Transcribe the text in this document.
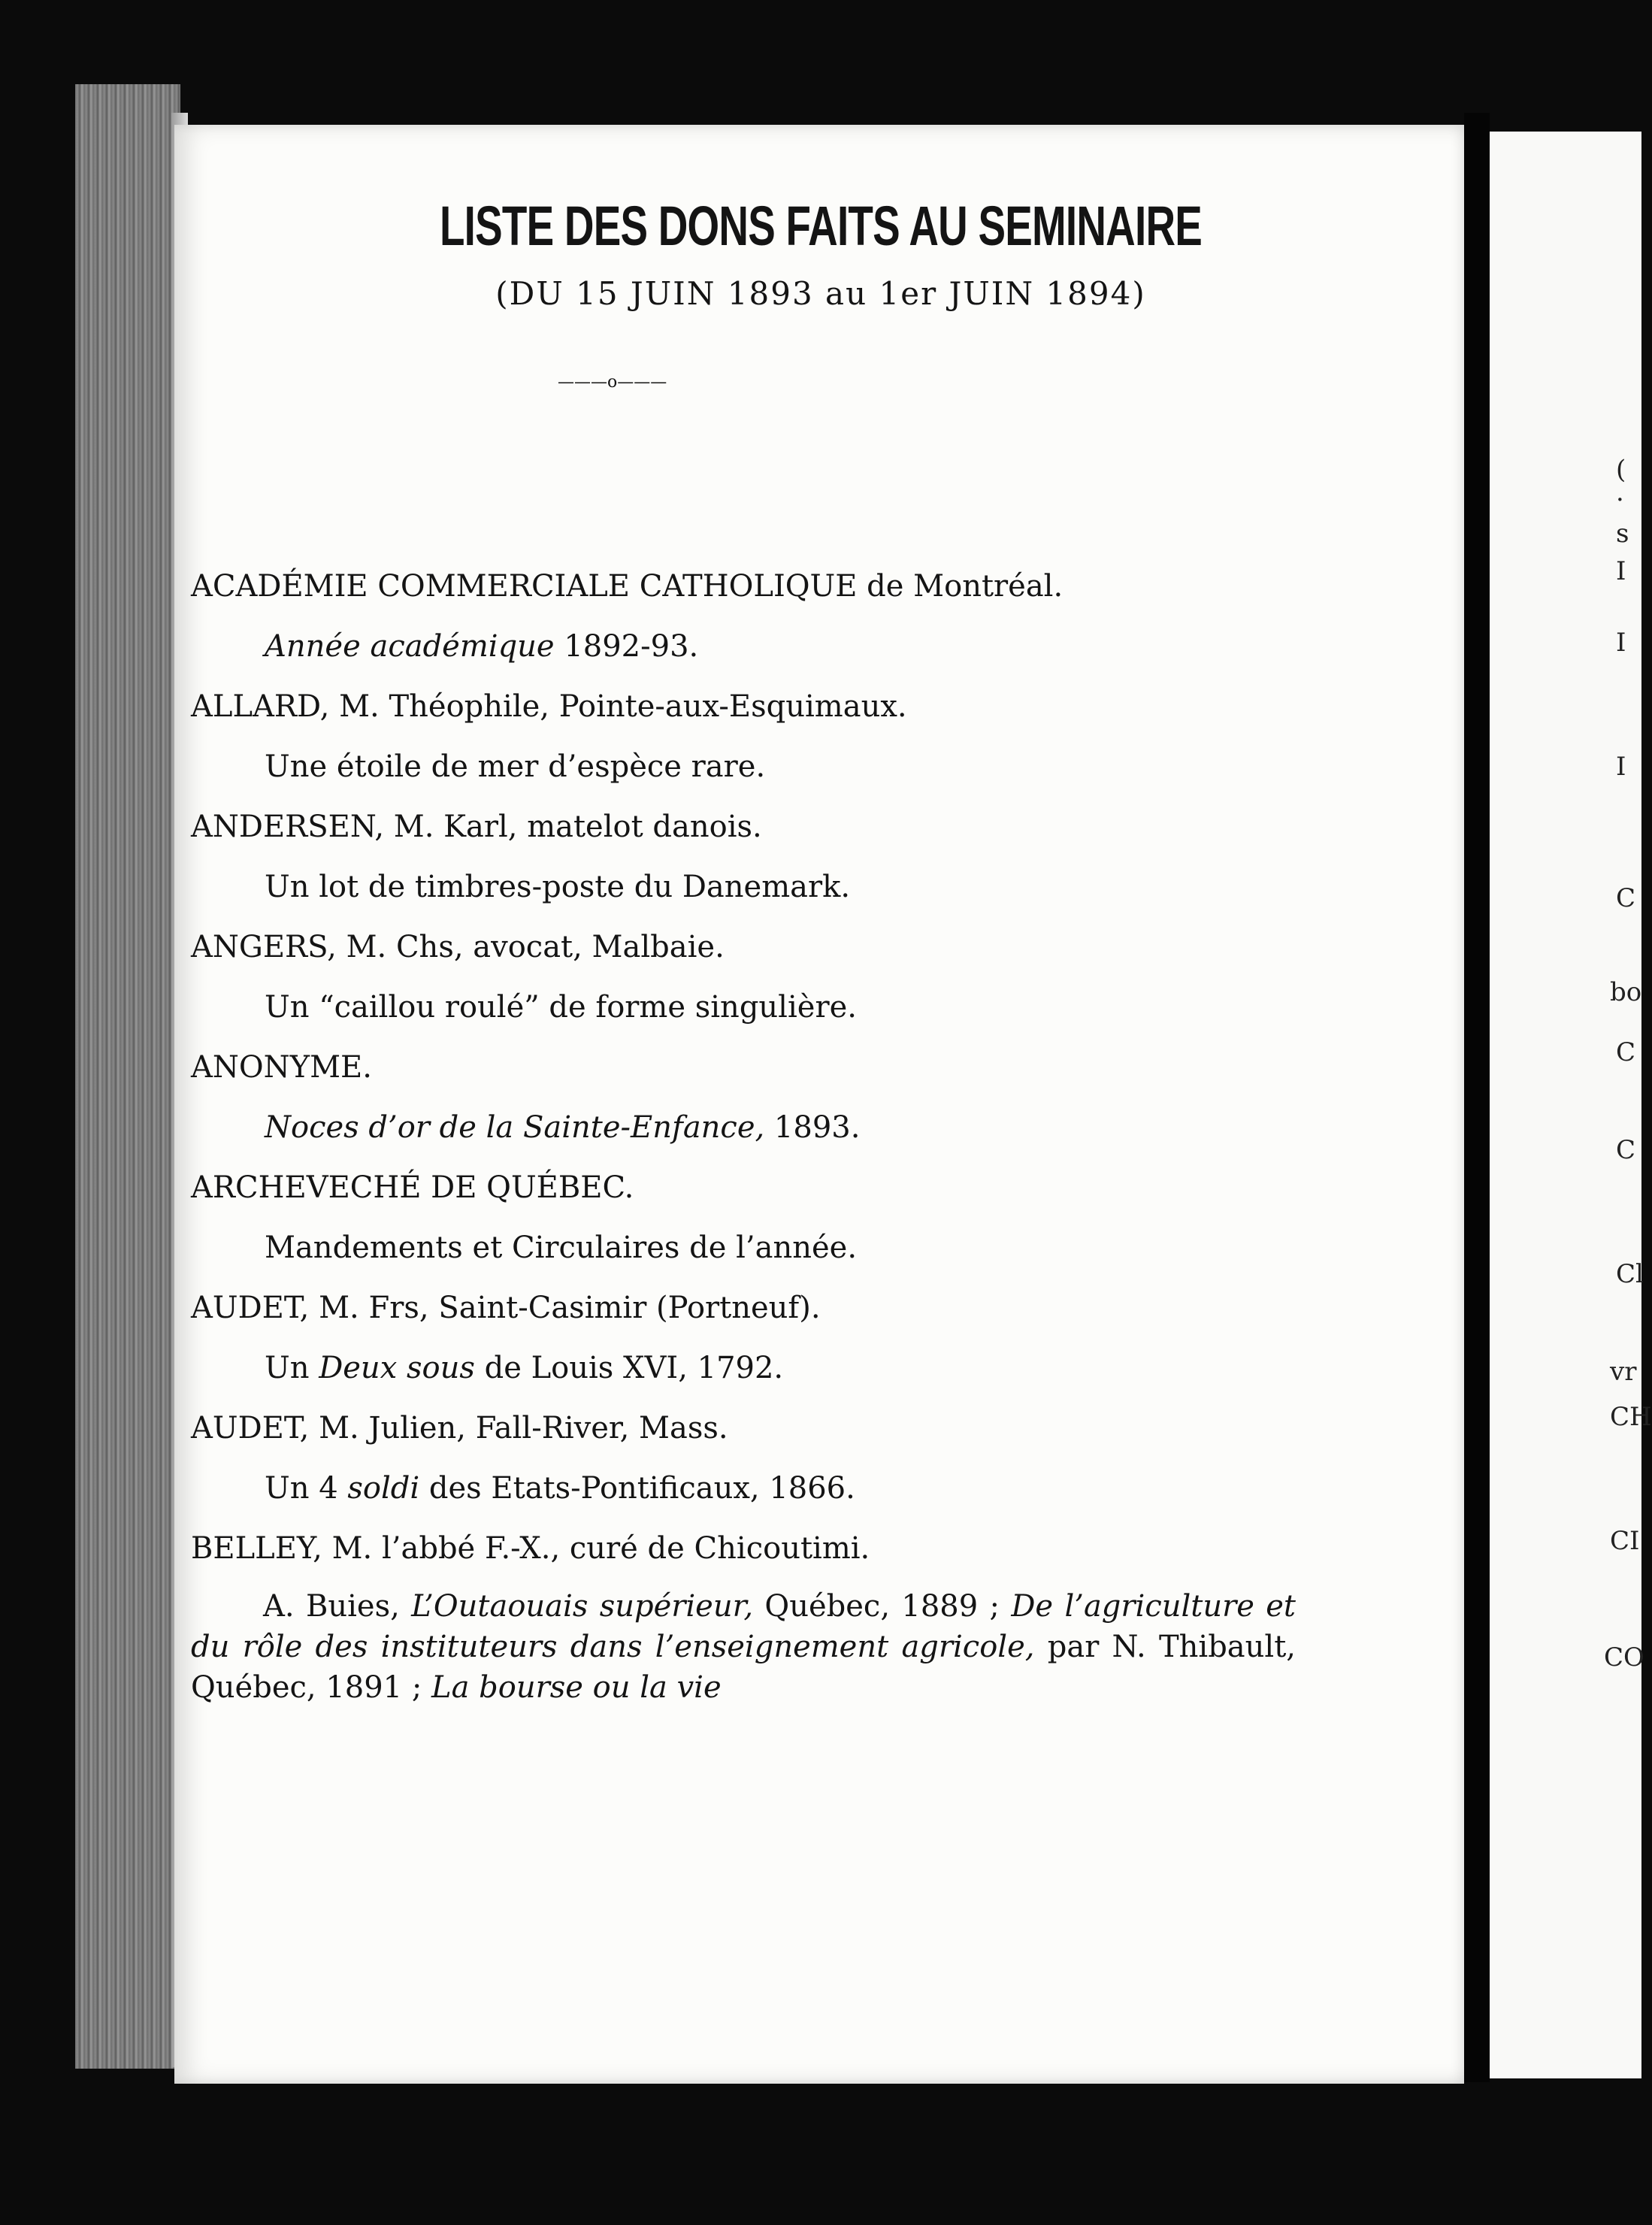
(
·
s
I
I
I
C
bo
C
C
Cl
vr
CH
CI
CO
LISTE DES DONS FAITS AU SEMINAIRE
(DU 15 JUIN 1893 au 1er JUIN 1894)
———o———
ACADÉMIE COMMERCIALE CATHOLIQUE de Montréal.
Année académique 1892-93.
ALLARD, M. Théophile, Pointe-aux-Esquimaux.
Une étoile de mer d’espèce rare.
ANDERSEN, M. Karl, matelot danois.
Un lot de timbres-poste du Danemark.
ANGERS, M. Chs, avocat, Malbaie.
Un “caillou roulé” de forme singulière.
ANONYME.
Noces d’or de la Sainte-Enfance, 1893.
ARCHEVECHÉ DE QUÉBEC.
Mandements et Circulaires de l’année.
AUDET, M. Frs, Saint-Casimir (Portneuf).
Un Deux sous de Louis XVI, 1792.
AUDET, M. Julien, Fall-River, Mass.
Un 4 soldi des Etats-Pontificaux, 1866.
BELLEY, M. l’abbé F.-X., curé de Chicoutimi.
A. Buies, L’Outaouais supérieur, Québec, 1889 ; De l’agriculture et du rôle des instituteurs dans l’enseignement agricole, par N. Thibault, Québec, 1891 ; La bourse ou la vie
